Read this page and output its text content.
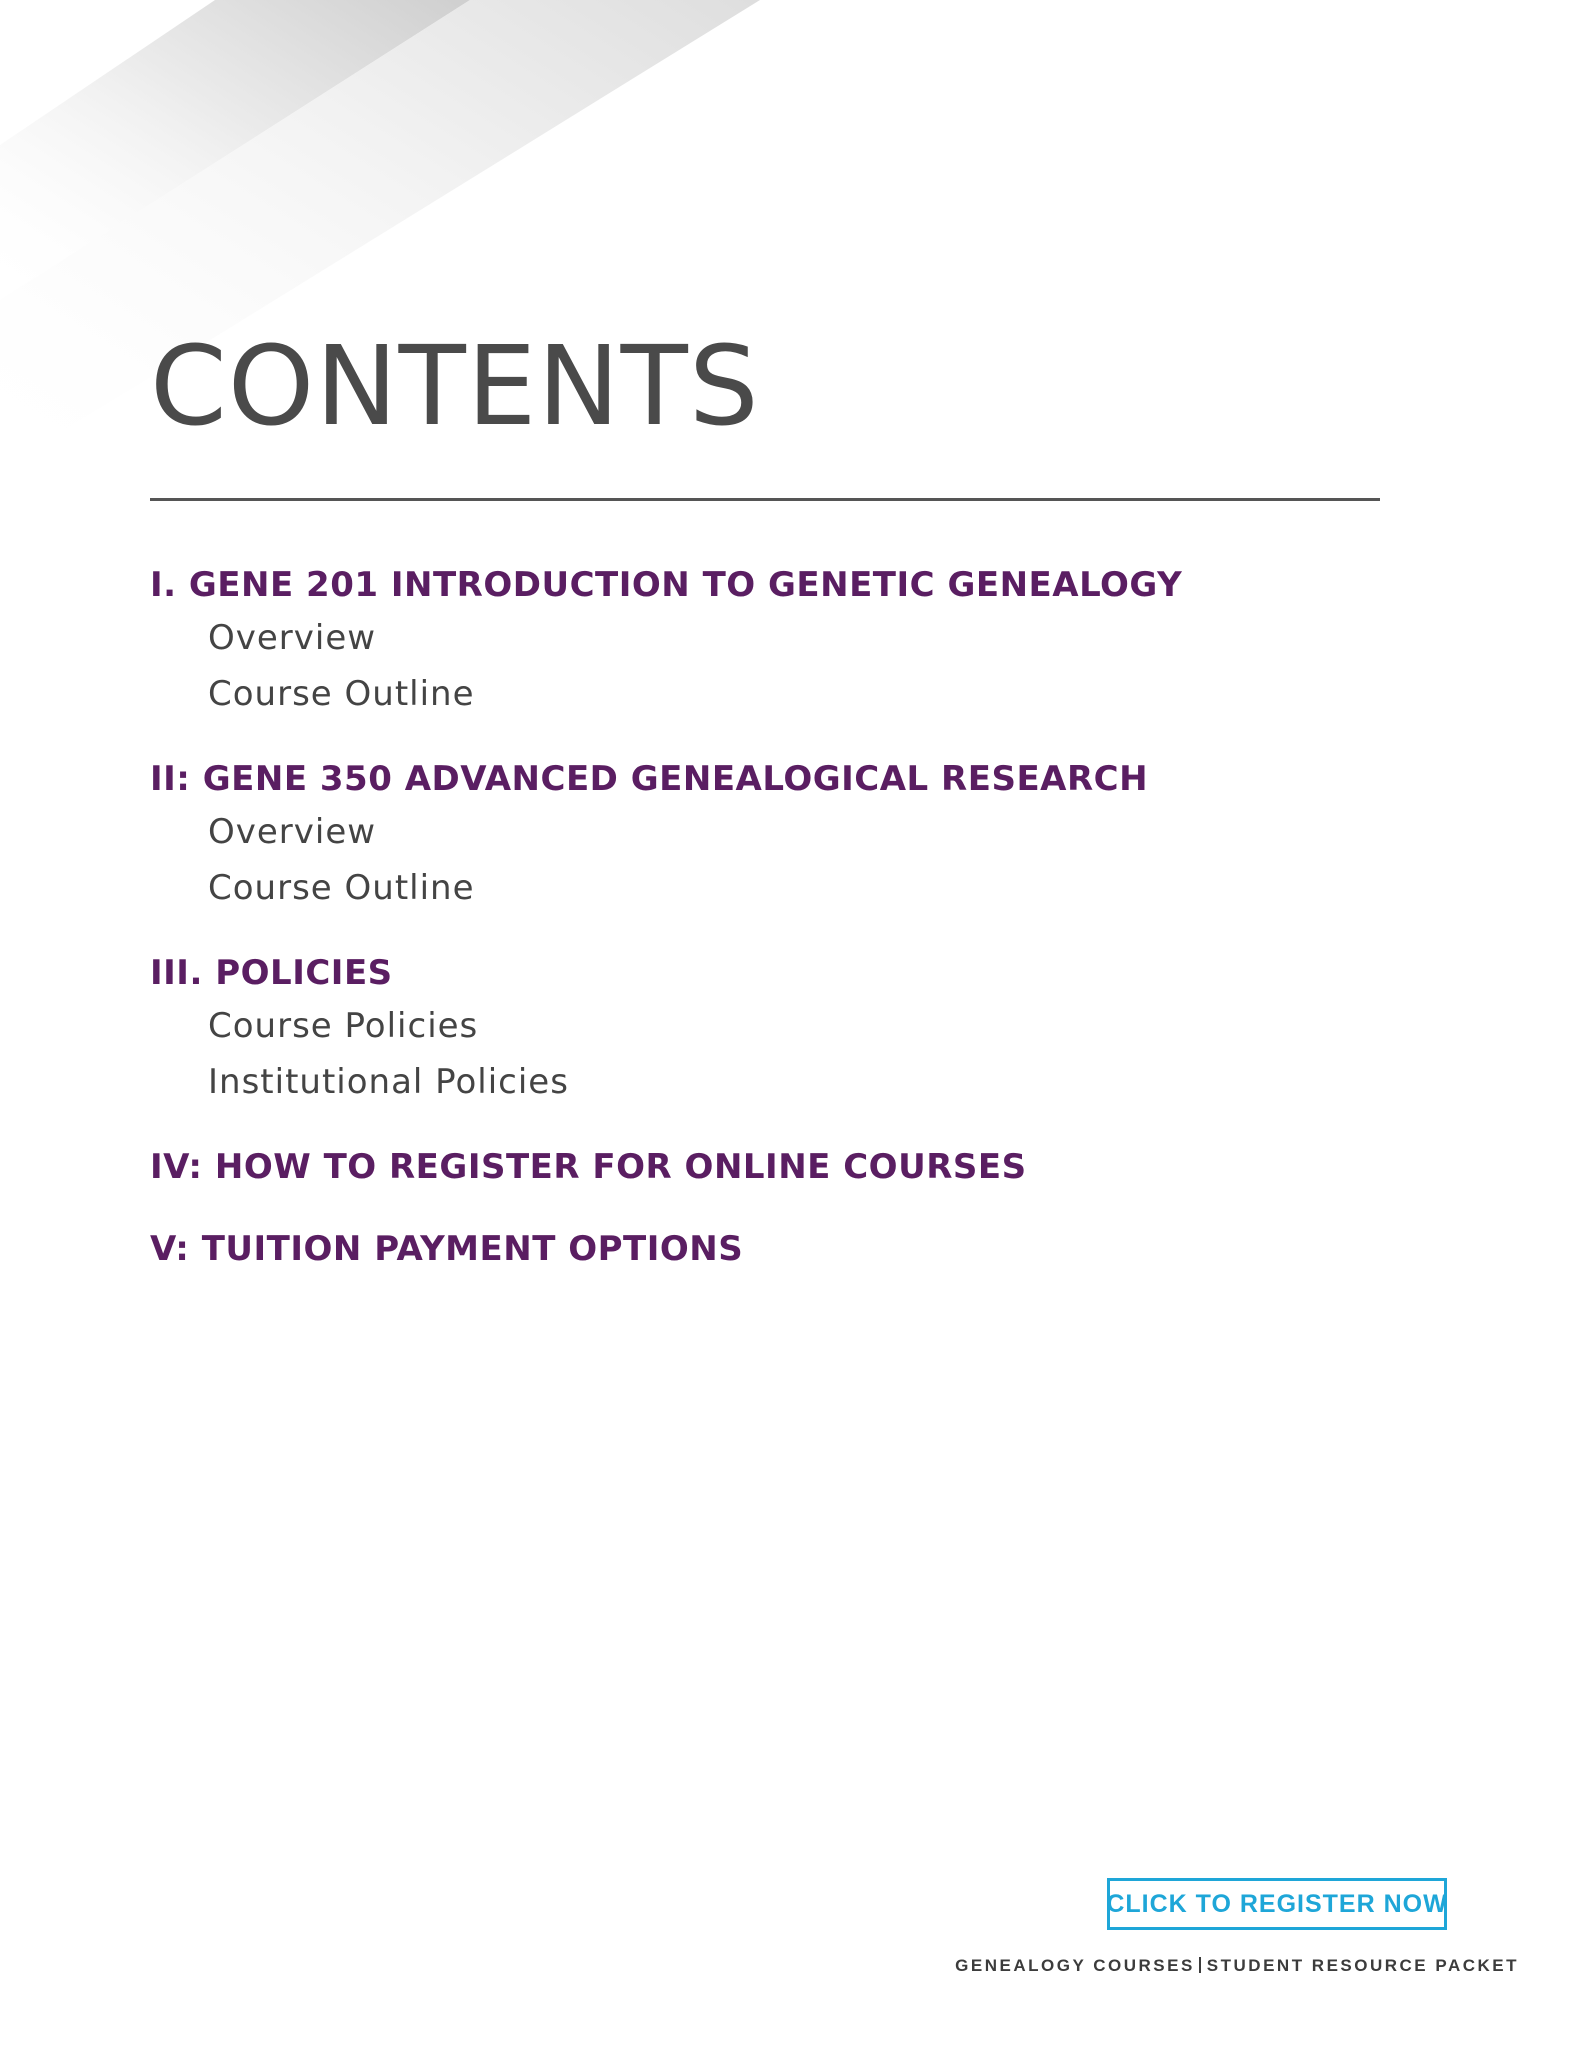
CONTENTS
I. GENE 201 INTRODUCTION TO GENETIC GENEALOGY
Overview
Course Outline
II: GENE 350 ADVANCED GENEALOGICAL RESEARCH
Overview
Course Outline
III. POLICIES
Course Policies
Institutional Policies
IV: HOW TO REGISTER FOR ONLINE COURSES
V: TUITION PAYMENT OPTIONS
CLICK TO REGISTER NOW
GENEALOGY COURSES STUDENT RESOURCE PACKET
